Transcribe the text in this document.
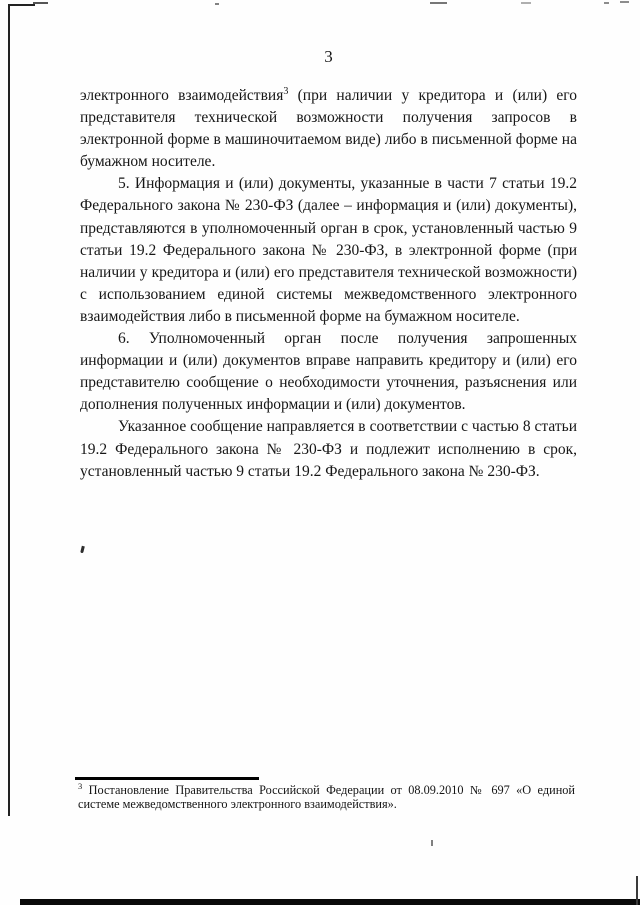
3

электронного взаимодействия$^3$ (при наличии у кредитора и (или) его представителя технической возможности получения запросов в электронной форме в машиночитаемом виде) либо в письменной форме на бумажном носителе.

5. Информация и (или) документы, указанные в части 7 статьи 19.2 Федерального закона № 230-ФЗ (далее – информация и (или) документы), представляются в уполномоченный орган в срок, установленный частью 9 статьи 19.2 Федерального закона № 230-ФЗ, в электронной форме (при наличии у кредитора и (или) его представителя технической возможности) с использованием единой системы межведомственного электронного взаимодействия либо в письменной форме на бумажном носителе.

6. Уполномоченный орган после получения запрошенных информации и (или) документов вправе направить кредитору и (или) его представителю сообщение о необходимости уточнения, разъяснения или дополнения полученных информации и (или) документов.

Указанное сообщение направляется в соответствии с частью 8 статьи 19.2 Федерального закона № 230-ФЗ и подлежит исполнению в срок, установленный частью 9 статьи 19.2 Федерального закона № 230-ФЗ.

$^3$ Постановление Правительства Российской Федерации от 08.09.2010 № 697 «О единой системе межведомственного электронного взаимодействия».
